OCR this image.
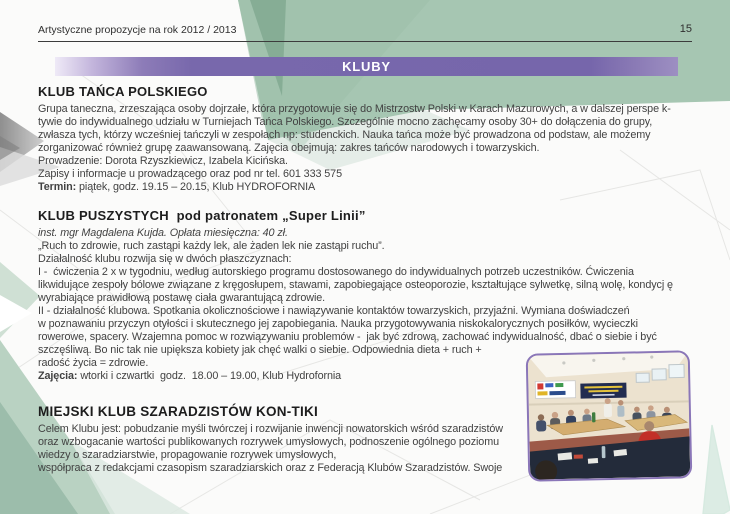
Artystyczne propozycje na rok 2012 / 2013	15
KLUBY
KLUB TAŃCA POLSKIEGO
Grupa taneczna, zrzeszająca osoby dojrzałe, która przygotowuje się do Mistrzostw Polski w Karach Mazurowych, a w dalszej perspe k-
tywie do indywidualnego udziału w Turniejach Tańca Polskiego. Szczególnie mocno zachęcamy osoby 30+ do dołączenia do grupy,
zwłasza tych, którzy wcześniej tańczyli w zespołach np: studenckich. Nauka tańca może być prowadzona od podstaw, ale możemy
zorganizować również grupę zaawansowaną. Zajęcia obejmują: zakres tańców narodowych i towarzyskich.
Prowadzenie: Dorota Rzyszkiewicz, Izabela Kicińska.
Zapisy i informacje u prowadzącego oraz pod nr tel. 601 333 575
Termin: piątek, godz. 19.15 – 20.15, Klub HYDROFORNIA
KLUB PUSZYSTYCH  pod patronatem „Super Linii”
inst. mgr Magdalena Kujda. Opłata miesięczna: 40 zł.
„Ruch to zdrowie, ruch zastąpi każdy lek, ale żaden lek nie zastąpi ruchu”.
Działalność klubu rozwija się w dwóch płaszczyznach:
I -  ćwiczenia 2 x w tygodniu, według autorskiego programu dostosowanego do indywidualnych potrzeb uczestników. Ćwiczenia
likwidujące zespoły bólowe związane z kręgosłupem, stawami, zapobiegające osteoporozie, kształtujące sylwetkę, silną wolę, kondycj ę
wyrabiające prawidłową postawę ciała gwarantującą zdrowie.
II - działalność klubowa. Spotkania okolicznościowe i nawiązywanie kontaktów towarzyskich, przyjaźni. Wymiana doświadczeń
w poznawaniu przyczyn otyłości i skutecznego jej zapobiegania. Nauka przygotowywania niskokalorycznych posiłków, wycieczki
rowerowe, spacery. Wzajemna pomoc w rozwiązywaniu problemów -  jak być zdrową, zachować indywidualność, dbać o siebie i być
szczęśliwą. Bo nic tak nie upiększa kobiety jak chęć walki o siebie. Odpowiednia dieta + ruch +
radość życia = zdrowie.
Zajęcia: wtorki i czwartki  godz.  18.00 – 19.00, Klub Hydrofornia
MIEJSKI KLUB SZARADZISTÓW KON-TIKI
Celem Klubu jest: pobudzanie myśli twórczej i rozwijanie inwencji nowatorskich wśród szaradzistów
oraz wzbogacanie wartości publikowanych rozrywek umysłowych, podnoszenie ogólnego poziomu
wiedzy o szaradziarstwie, propagowanie rozrywek umysłowych,
współpraca z redakcjami czasopism szaradziarskich oraz z Federacją Klubów Szaradzistów. Swoje
